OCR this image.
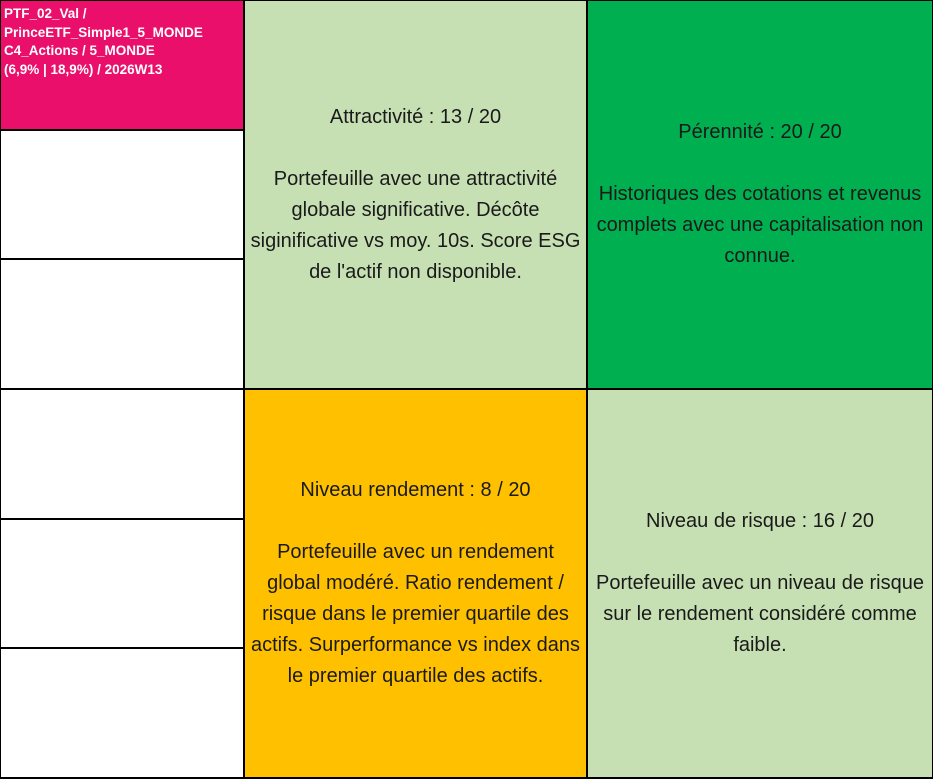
PTF_02_Val /
PrinceETF_Simple1_5_MONDE
C4_Actions / 5_MONDE
(6,9% | 18,9%) / 2026W13
Attractivité : 13 / 20
Portefeuille avec une attractivité globale significative. Décôte siginificative vs moy. 10s. Score ESG de l'actif non disponible.
Pérennité : 20 / 20
Historiques des cotations et revenus complets avec une capitalisation non connue.
Niveau rendement : 8 / 20
Portefeuille avec un rendement global modéré. Ratio rendement / risque dans le premier quartile des actifs. Surperformance vs index dans le premier quartile des actifs.
Niveau de risque : 16 / 20
Portefeuille avec un niveau de risque sur le rendement considéré comme faible.
